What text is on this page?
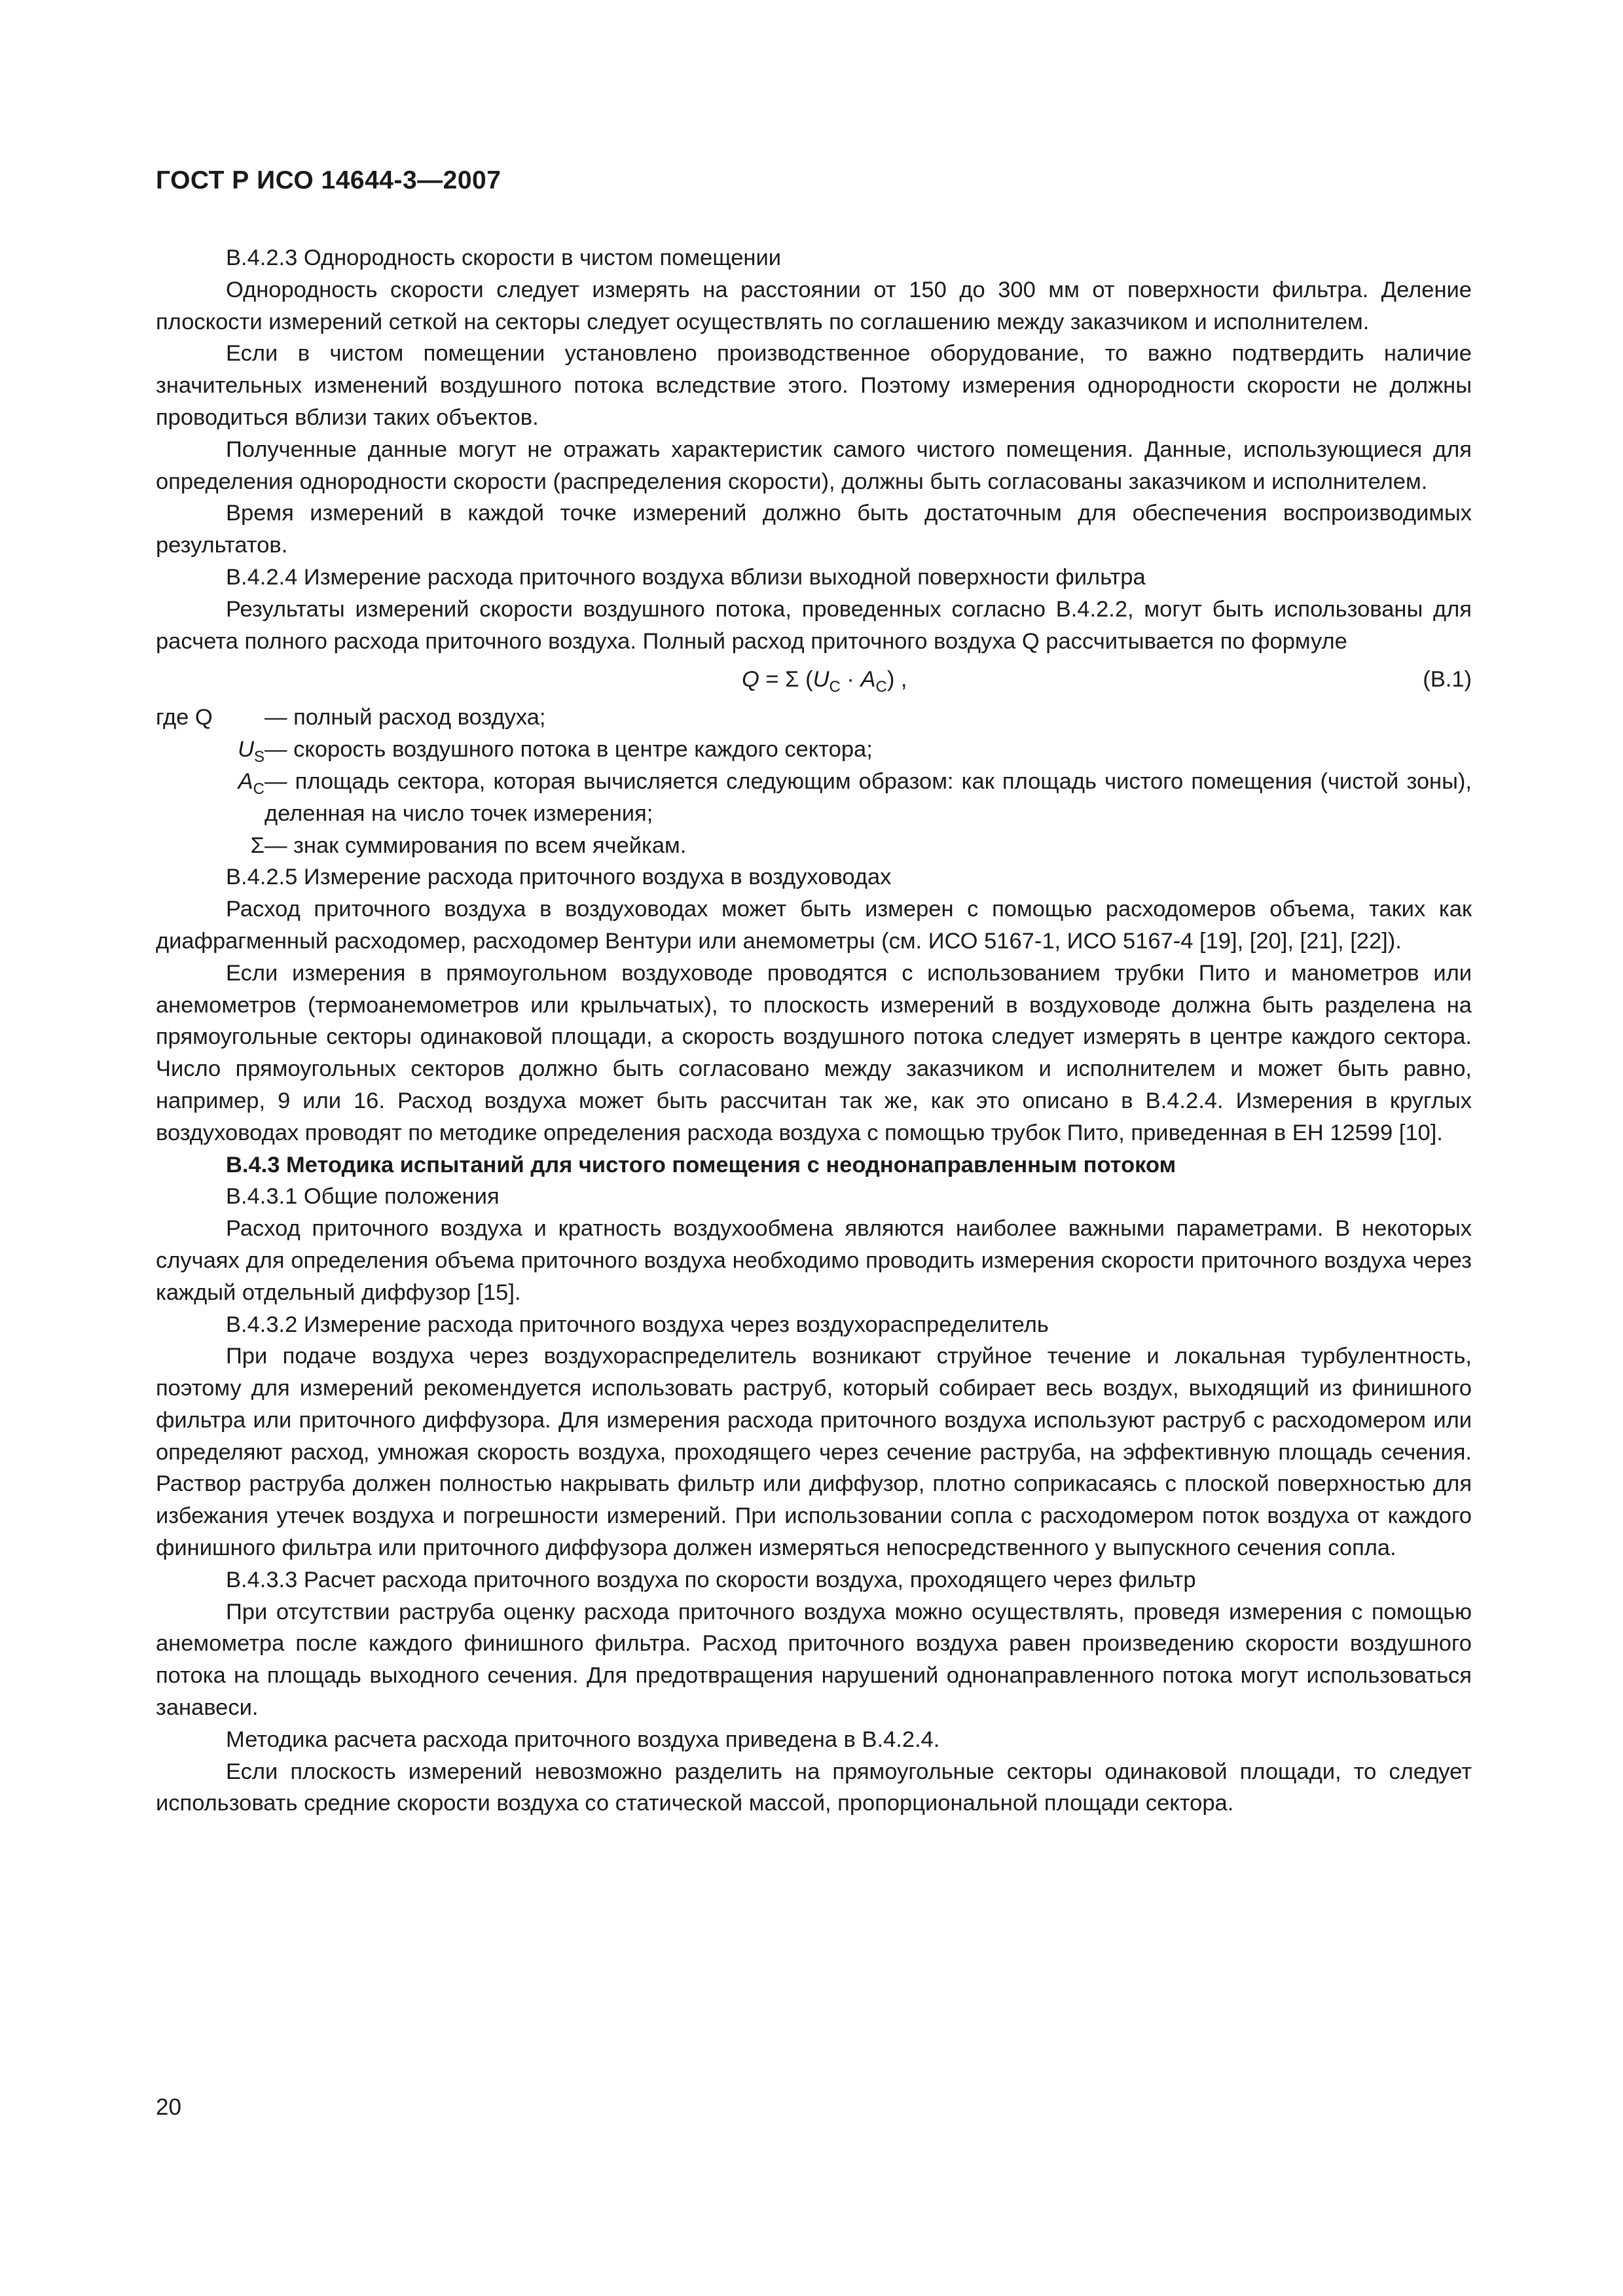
ГОСТ Р ИСО 14644-3—2007

В.4.2.3 Однородность скорости в чистом помещении

Однородность скорости следует измерять на расстоянии от 150 до 300 мм от поверхности фильтра. Деление плоскости измерений сеткой на секторы следует осуществлять по соглашению между заказчиком и исполнителем.

Если в чистом помещении установлено производственное оборудование, то важно подтвердить наличие значительных изменений воздушного потока вследствие этого. Поэтому измерения однородности скорости не должны проводиться вблизи таких объектов.

Полученные данные могут не отражать характеристик самого чистого помещения. Данные, использующиеся для определения однородности скорости (распределения скорости), должны быть согласованы заказчиком и исполнителем.

Время измерений в каждой точке измерений должно быть достаточным для обеспечения воспроизводимых результатов.

В.4.2.4 Измерение расхода приточного воздуха вблизи выходной поверхности фильтра

Результаты измерений скорости воздушного потока, проведенных согласно В.4.2.2, могут быть использованы для расчета полного расхода приточного воздуха. Полный расход приточного воздуха Q рассчитывается по формуле

Q = Σ $(U_C \cdot A_C)$ ,	(В.1)
где Q	— полный расход воздуха;
$U_S$ — скорость воздушного потока в центре каждого сектора;
$A_C$ — площадь сектора, которая вычисляется следующим образом: как площадь чистого помещения (чистой зоны), деленная на число точек измерения;
Σ — знак суммирования по всем ячейкам.

В.4.2.5 Измерение расхода приточного воздуха в воздуховодах

Расход приточного воздуха в воздуховодах может быть измерен с помощью расходомеров объема, таких как диафрагменный расходомер, расходомер Вентури или анемометры (см. ИСО 5167-1, ИСО 5167-4 [19], [20], [21], [22]).

Если измерения в прямоугольном воздуховоде проводятся с использованием трубки Пито и манометров или анемометров (термоанемометров или крыльчатых), то плоскость измерений в воздуховоде должна быть разделена на прямоугольные секторы одинаковой площади, а скорость воздушного потока следует измерять в центре каждого сектора. Число прямоугольных секторов должно быть согласовано между заказчиком и исполнителем и может быть равно, например, 9 или 16. Расход воздуха может быть рассчитан так же, как это описано в В.4.2.4. Измерения в круглых воздуховодах проводят по методике определения расхода воздуха с помощью трубок Пито, приведенная в ЕН 12599 [10].

В.4.3 Методика испытаний для чистого помещения с неоднонаправленным потоком

В.4.3.1 Общие положения

Расход приточного воздуха и кратность воздухообмена являются наиболее важными параметрами. В некоторых случаях для определения объема приточного воздуха необходимо проводить измерения скорости приточного воздуха через каждый отдельный диффузор [15].

В.4.3.2 Измерение расхода приточного воздуха через воздухораспределитель

При подаче воздуха через воздухораспределитель возникают струйное течение и локальная турбулентность, поэтому для измерений рекомендуется использовать раструб, который собирает весь воздух, выходящий из финишного фильтра или приточного диффузора. Для измерения расхода приточного воздуха используют раструб с расходомером или определяют расход, умножая скорость воздуха, проходящего через сечение раструба, на эффективную площадь сечения. Раствор раструба должен полностью накрывать фильтр или диффузор, плотно соприкасаясь с плоской поверхностью для избежания утечек воздуха и погрешности измерений. При использовании сопла с расходомером поток воздуха от каждого финишного фильтра или приточного диффузора должен измеряться непосредственного у выпускного сечения сопла.

В.4.3.3 Расчет расхода приточного воздуха по скорости воздуха, проходящего через фильтр

При отсутствии раструба оценку расхода приточного воздуха можно осуществлять, проведя измерения с помощью анемометра после каждого финишного фильтра. Расход приточного воздуха равен произведению скорости воздушного потока на площадь выходного сечения. Для предотвращения нарушений однонаправленного потока могут использоваться занавеси.

Методика расчета расхода приточного воздуха приведена в В.4.2.4.

Если плоскость измерений невозможно разделить на прямоугольные секторы одинаковой площади, то следует использовать средние скорости воздуха со статической массой, пропорциональной площади сектора.

20
